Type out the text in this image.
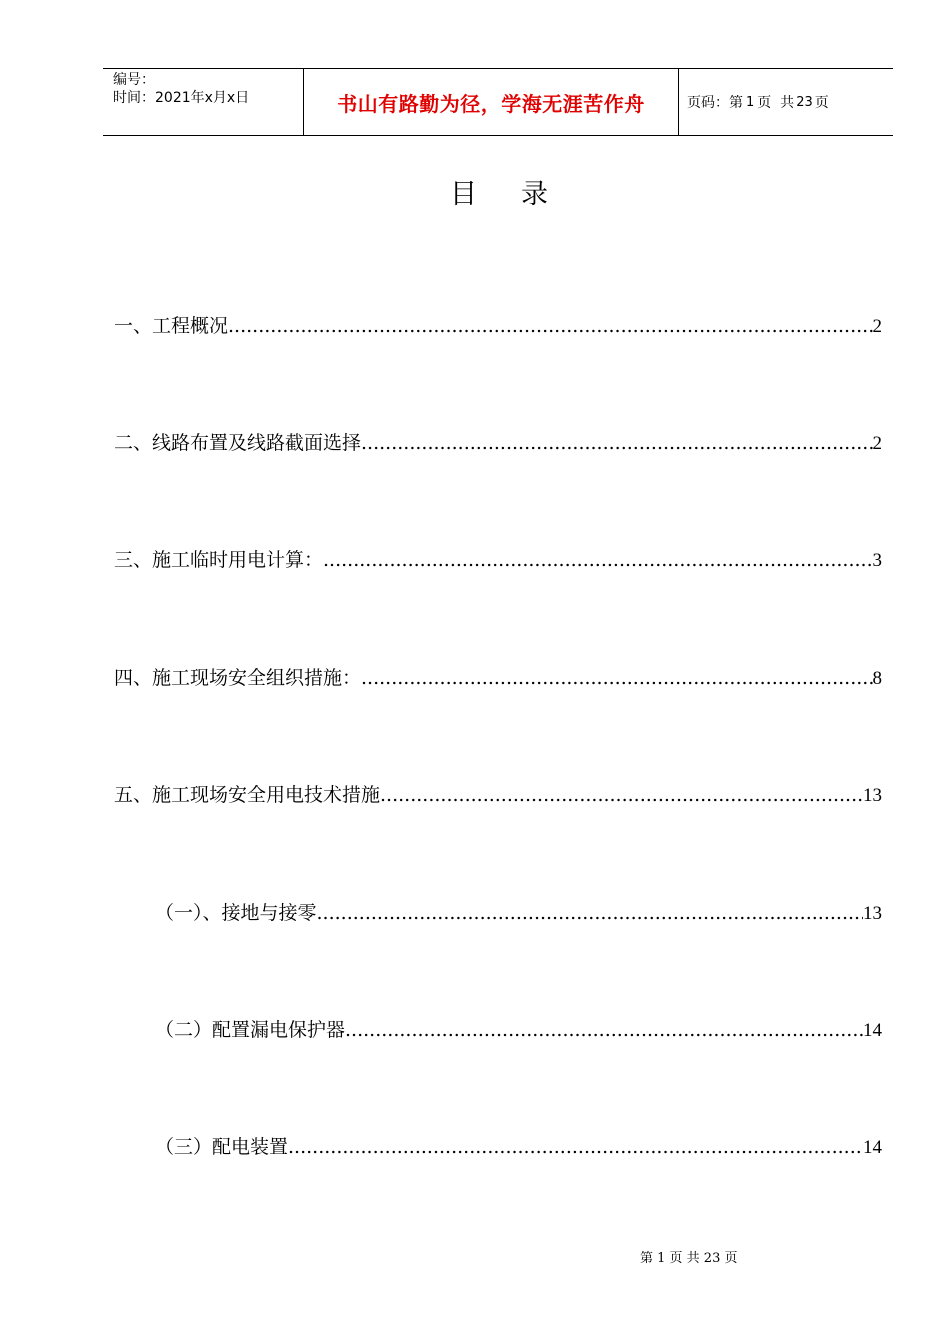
编号：
时间：2021年x月x日	书山有路勤为径，学海无涯苦作舟	页码：第 1 页  共 23 页
目 录
一、工程概况 .....	2
二、线路布置及线路截面选择 .....	2
三、施工临时用电计算： .....	3
四、施工现场安全组织措施： .....	8
五、施工现场安全用电技术措施 .....	13
（一）、接地与接零 .....	13
（二）配置漏电保护器 .....	14
（三）配电装置 .....	14
第 1 页 共 23 页
